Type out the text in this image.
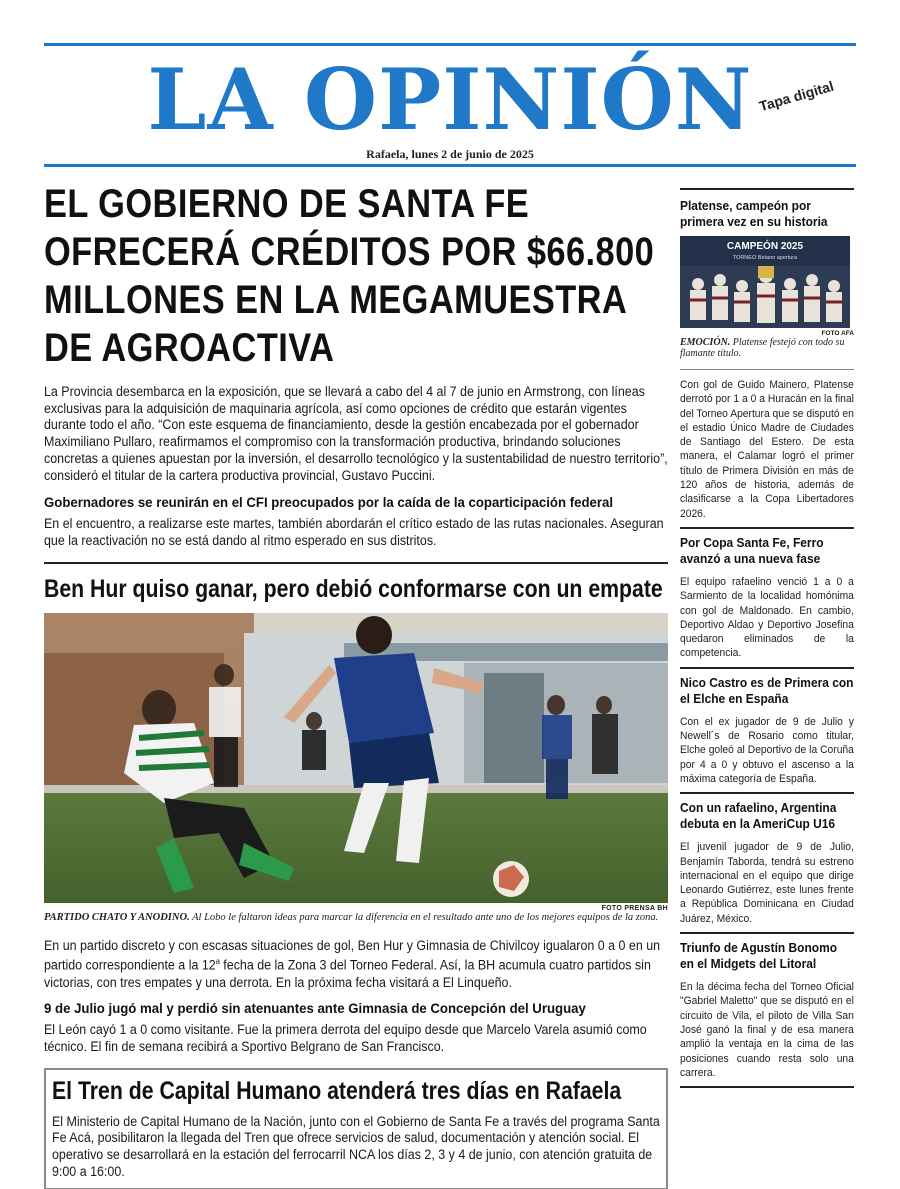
LA OPINIÓN Tapa digital
Rafaela, lunes 2 de junio de 2025
EL GOBIERNO DE SANTA FE OFRECERÁ CRÉDITOS POR $66.800 MILLONES EN LA MEGAMUESTRA DE AGROACTIVA

La Provincia desembarca en la exposición, que se llevará a cabo del 4 al 7 de junio en Armstrong, con líneas exclusivas para la adquisición de maquinaria agrícola, así como opciones de crédito que estarán vigentes durante todo el año. “Con este esquema de financiamiento, desde la gestión encabezada por el gobernador Maximiliano Pullaro, reafirmamos el compromiso con la transformación productiva, brindando soluciones concretas a quienes apuestan por la inversión, el desarrollo tecnológico y la sustentabilidad de nuestro territorio”, consideró el titular de la cartera productiva provincial, Gustavo Puccini.

Gobernadores se reunirán en el CFI preocupados por la caída de la coparticipación federal

En el encuentro, a realizarse este martes, también abordarán el crítico estado de las rutas nacionales. Aseguran que la reactivación no se está dando al ritmo esperado en sus distritos.

Ben Hur quiso ganar, pero debió conformarse con un empate
FOTO PRENSA BH

PARTIDO CHATO Y ANODINO. Al Lobo le faltaron ideas para marcar la diferencia en el resultado ante uno de los mejores equipos de la zona.

En un partido discreto y con escasas situaciones de gol, Ben Hur y Gimnasia de Chivilcoy igualaron 0 a 0 en un partido correspondiente a la 12$^a$ fecha de la Zona 3 del Torneo Federal. Así, la BH acumula cuatro partidos sin victorias, con tres empates y una derrota. En la próxima fecha visitará a El Linqueño.

9 de Julio jugó mal y perdió sin atenuantes ante Gimnasia de Concepción del Uruguay

El León cayó 1 a 0 como visitante. Fue la primera derrota del equipo desde que Marcelo Varela asumió como técnico. El fin de semana recibirá a Sportivo Belgrano de San Francisco.

El Tren de Capital Humano atenderá tres días en Rafaela

El Ministerio de Capital Humano de la Nación, junto con el Gobierno de Santa Fe a través del programa Santa Fe Acá, posibilitaron la llegada del Tren que ofrece servicios de salud, documentación y atención social. El operativo se desarrollará en la estación del ferrocarril NCA los días 2, 3 y 4 de junio, con atención gratuita de 9:00 a 16:00.

Platense, campeón por primera vez en su historia
CAMPEÓN 2025
TORNEO Betano apertura
FOTO AFA

EMOCIÓN. Platense festejó con todo su flamante título.

Con gol de Guido Mainero, Platense derrotó por 1 a 0 a Huracán en la final del Torneo Apertura que se disputó en el estadio Único Madre de Ciudades de Santiago del Estero. De esta manera, el Calamar logró el primer título de Primera División en más de 120 años de historia, además de clasificarse a la Copa Libertadores 2026.

Por Copa Santa Fe, Ferro avanzó a una nueva fase

El equipo rafaelino venció 1 a 0 a Sarmiento de la localidad homónima con gol de Maldonado. En cambio, Deportivo Aldao y Deportivo Josefina quedaron eliminados de la competencia.

Nico Castro es de Primera con el Elche en España

Con el ex jugador de 9 de Julio y Newell´s de Rosario como titular, Elche goleó al Deportivo de la Coruña por 4 a 0 y obtuvo el ascenso a la máxima categoría de España.

Con un rafaelino, Argentina debuta en la AmeriCup U16

El juvenil jugador de 9 de Julio, Benjamín Taborda, tendrá su estreno internacional en el equipo que dirige Leonardo Gutiérrez, este lunes frente a República Dominicana en Ciudad Juárez, México.

Triunfo de Agustín Bonomo en el Midgets del Litoral

En la décima fecha del Torneo Oficial "Gabriel Maletto" que se disputó en el circuito de Vila, el piloto de Villa San José ganó la final y de esa manera amplió la ventaja en la cima de las posiciones cuando resta solo una carrera.
